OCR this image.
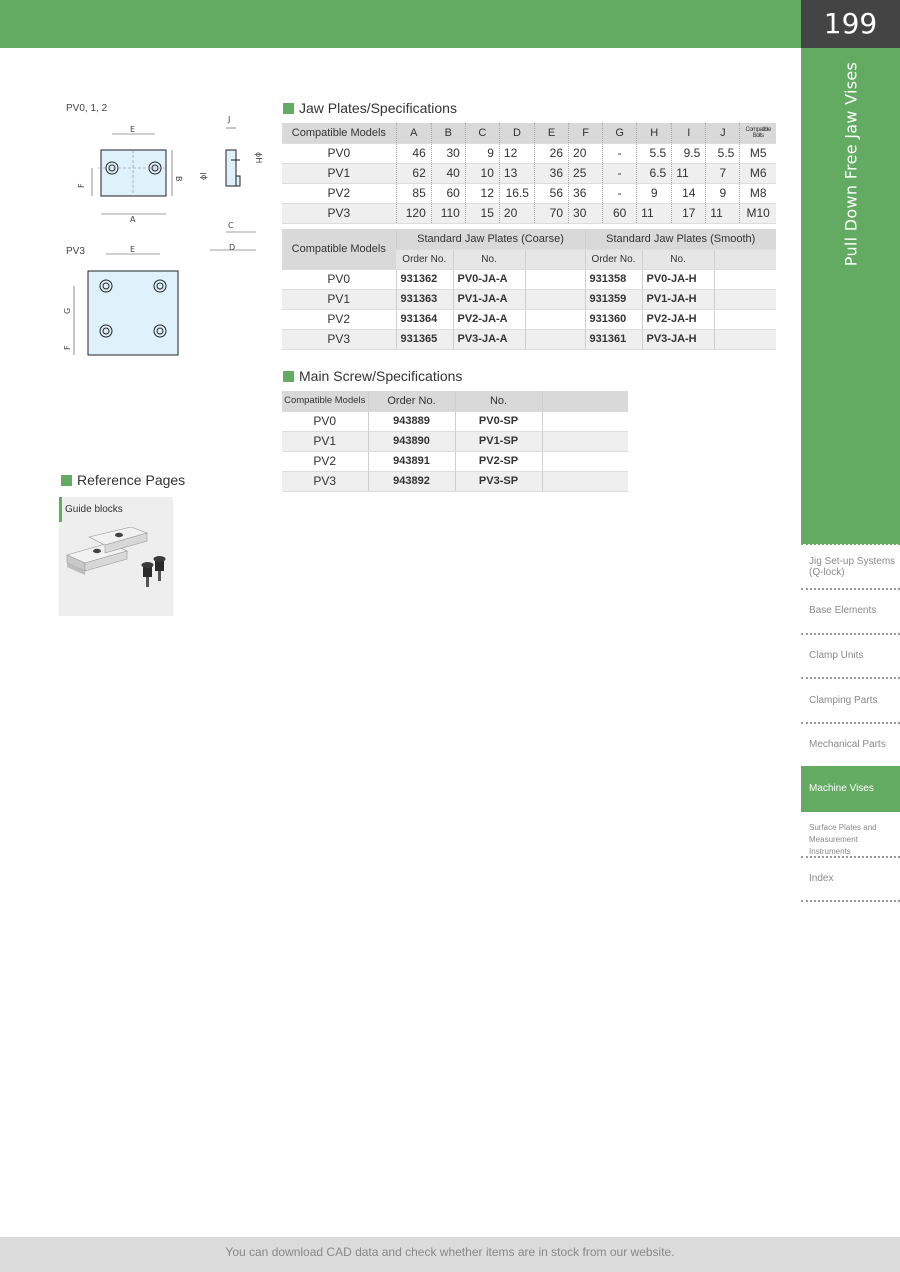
199
Pull Down Free Jaw Vises
Jig Set-up Systems (Q-lock)
Base Elements
Clamp Units
Clamping Parts
Mechanical Parts
Machine Vises
Surface Plates and Measurement Instruments
Index
PV0, 1, 2
PV3
E
A
B
F
J
ϕH
ϕI
C
D
E
G
F
Jaw Plates/Specifications
Compatible Models	A	B	C	D	E	F	G	H	I	J	Compatible Bolts
PV0	46	30	9	12	26	20	-	5.5	9.5	5.5	M5
PV1	62	40	10	13	36	25	-	6.5	11	7	M6
PV2	85	60	12	16.5	56	36	-	9	14	9	M8
PV3	120	110	15	20	70	30	60	11	17	11	M10
Compatible Models	Standard Jaw Plates (Coarse)			Standard Jaw Plates (Smooth)		
	Order No.	No.		Order No.	No.	
PV0	931362	PV0-JA-A		931358	PV0-JA-H	
PV1	931363	PV1-JA-A		931359	PV1-JA-H	
PV2	931364	PV2-JA-A		931360	PV2-JA-H	
PV3	931365	PV3-JA-A		931361	PV3-JA-H	
Main Screw/Specifications
Compatible Models	Order No.	No.	
PV0	943889	PV0-SP	
PV1	943890	PV1-SP	
PV2	943891	PV2-SP	
PV3	943892	PV3-SP	
Reference Pages
Guide blocks
You can download CAD data and check whether items are in stock from our website.
